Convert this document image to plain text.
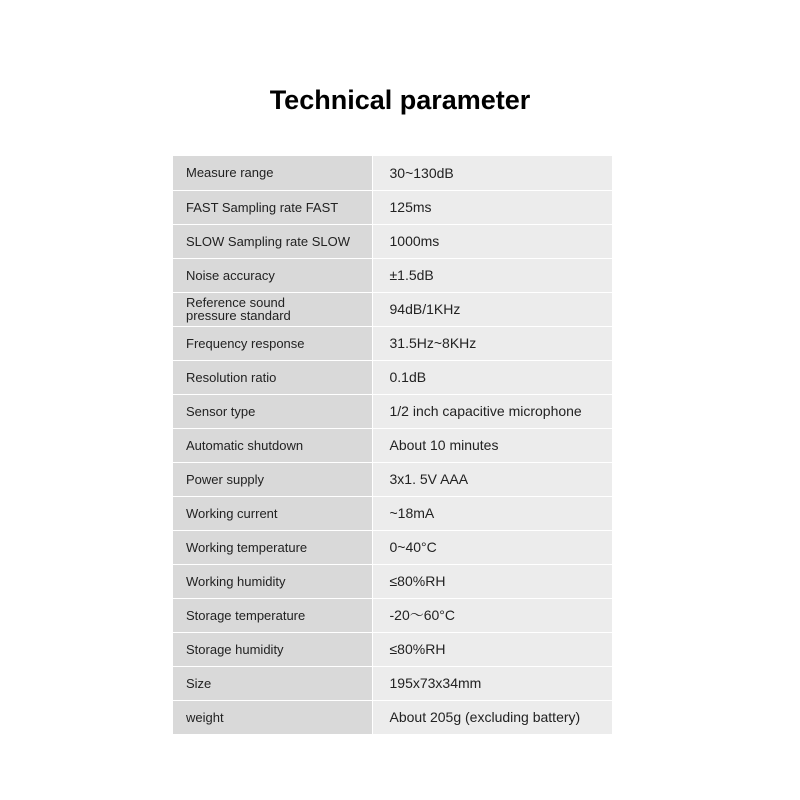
Technical parameter
Measure range	30~130dB

FAST Sampling rate FAST	125ms

SLOW Sampling rate SLOW	1000ms

Noise accuracy	±1.5dB

Reference sound pressure standard	94dB/1KHz

Frequency response	31.5Hz~8KHz

Resolution ratio	0.1dB

Sensor type	1/2 inch capacitive microphone

Automatic shutdown	About 10 minutes

Power supply	3x1. 5V AAA

Working current	~18mA

Working temperature	0~40°C

Working humidity	≤80%RH

Storage temperature	-20〜60°C

Storage humidity	≤80%RH

Size	195x73x34mm

weight	About 205g (excluding battery)
